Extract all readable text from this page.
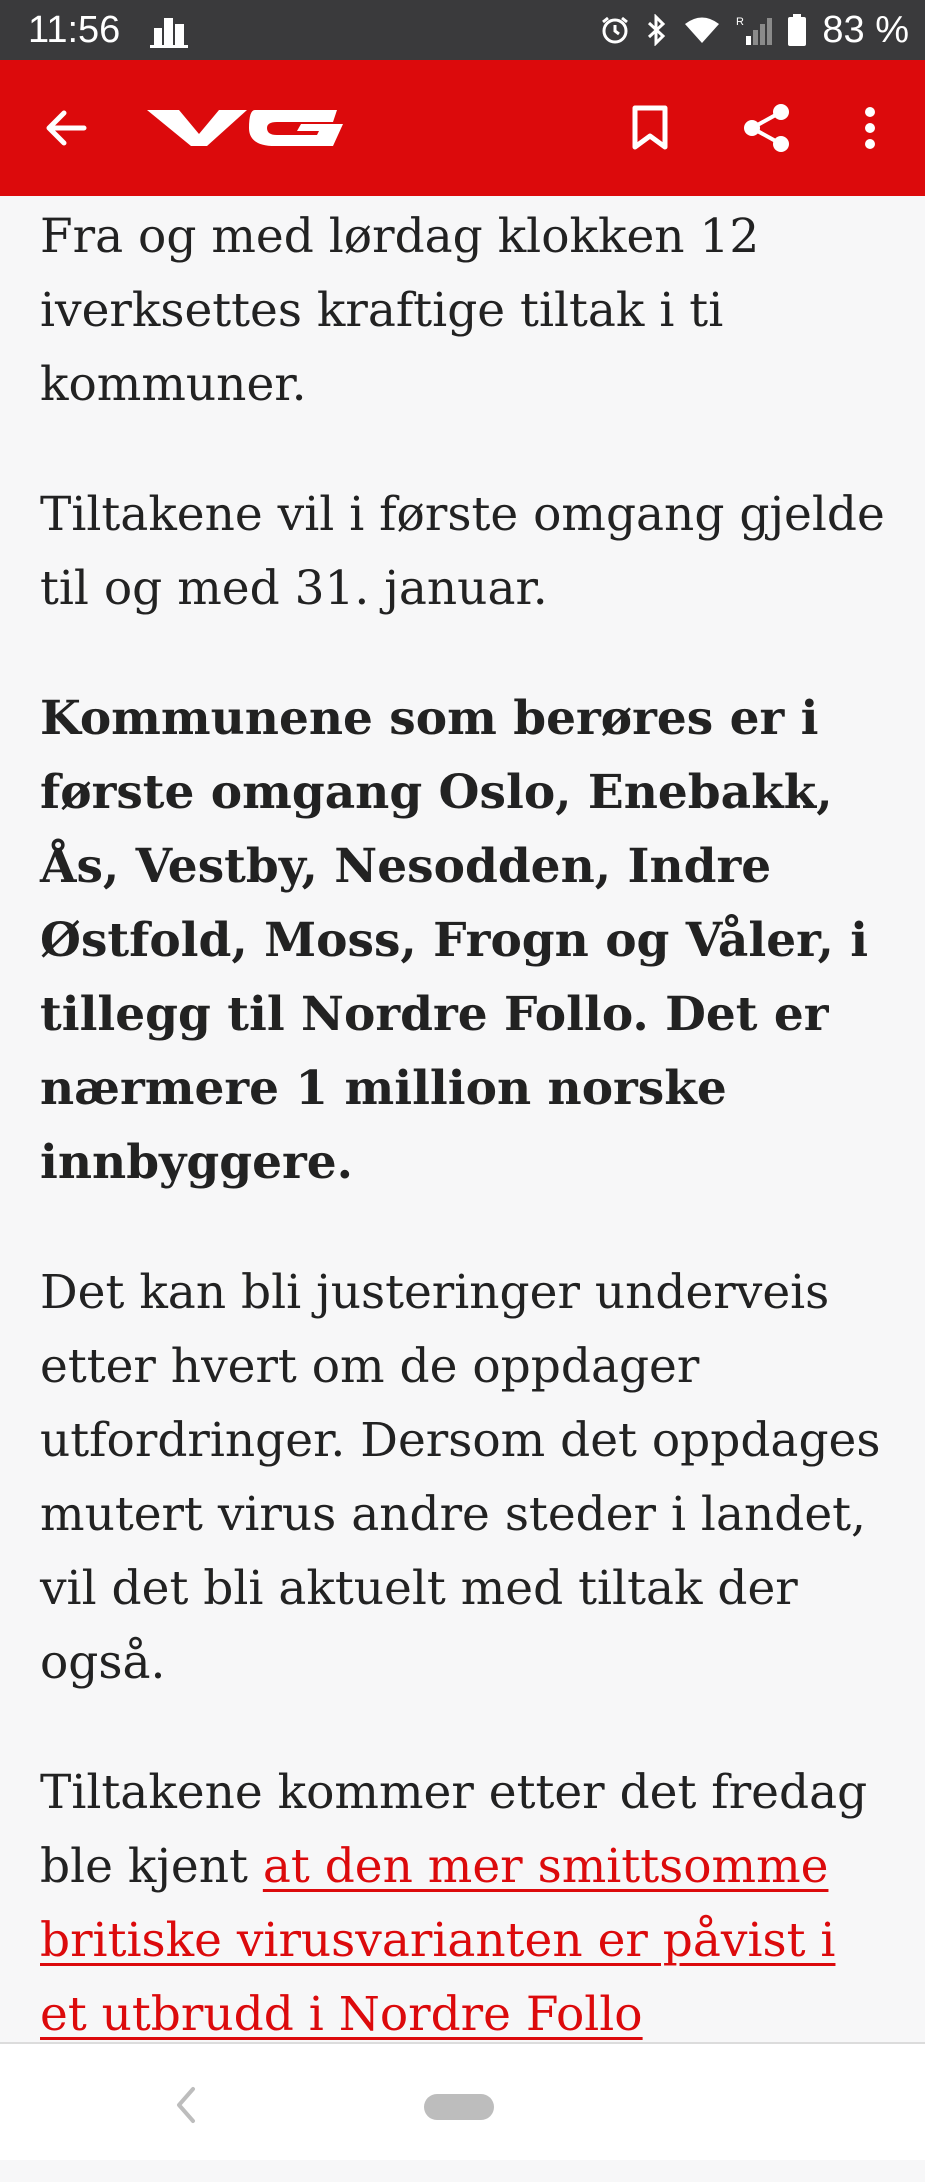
11:56	R 83 %

Fra og med lørdag klokken 12 iverksettes kraftige tiltak i ti kommuner.

Tiltakene vil i første omgang gjelde til og med 31. januar.

Kommunene som berøres er i første omgang Oslo, Enebakk, Ås, Vestby, Nesodden, Indre Østfold, Moss, Frogn og Våler, i tillegg til Nordre Follo. Det er nærmere 1 million norske innbyggere.

Det kan bli justeringer underveis etter hvert om de oppdager utfordringer. Dersom det oppdages mutert virus andre steder i landet, vil det bli aktuelt med tiltak der også.

Tiltakene kommer etter det fredag ble kjent at den mer smittsomme britiske virusvarianten er påvist i et utbrudd i Nordre Follo
